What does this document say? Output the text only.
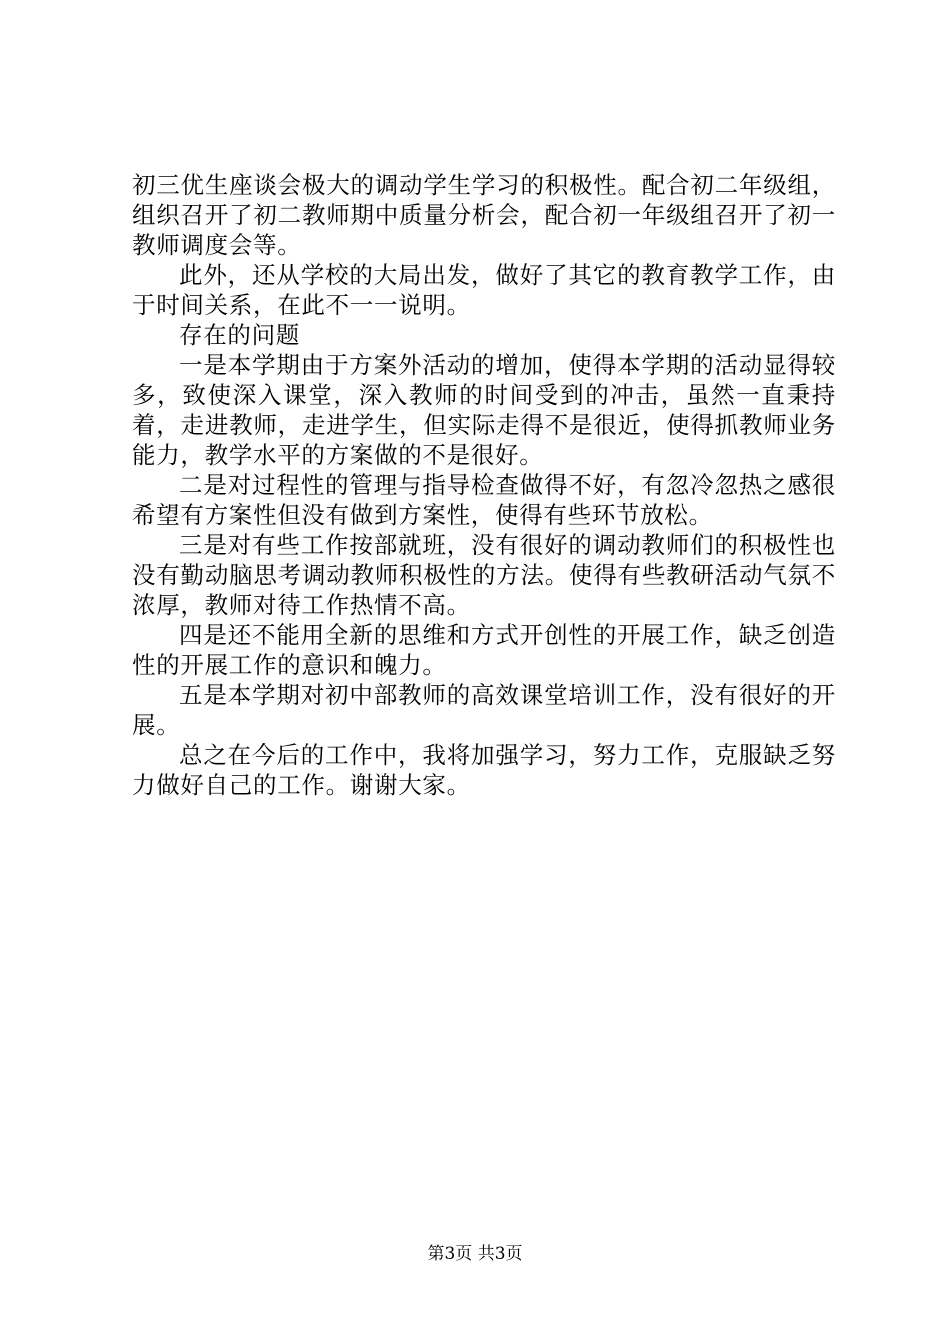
初三优生座谈会极大的调动学生学习的积极性。配合初二年级组，组织召开了初二教师期中质量分析会，配合初一年级组召开了初一教师调度会等。

此外，还从学校的大局出发，做好了其它的教育教学工作，由于时间关系，在此不一一说明。

存在的问题

一是本学期由于方案外活动的增加，使得本学期的活动显得较多，致使深入课堂，深入教师的时间受到的冲击，虽然一直秉持着，走进教师，走进学生，但实际走得不是很近，使得抓教师业务能力，教学水平的方案做的不是很好。

二是对过程性的管理与指导检查做得不好，有忽冷忽热之感很希望有方案性但没有做到方案性，使得有些环节放松。

三是对有些工作按部就班，没有很好的调动教师们的积极性也没有勤动脑思考调动教师积极性的方法。使得有些教研活动气氛不浓厚，教师对待工作热情不高。

四是还不能用全新的思维和方式开创性的开展工作，缺乏创造性的开展工作的意识和魄力。

五是本学期对初中部教师的高效课堂培训工作，没有很好的开展。

总之在今后的工作中，我将加强学习，努力工作，克服缺乏努力做好自己的工作。谢谢大家。

第3页 共3页
